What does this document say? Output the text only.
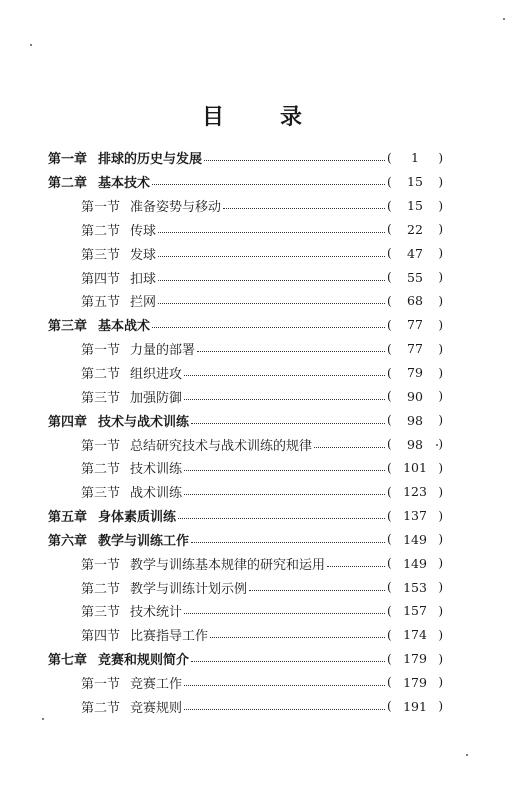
目 录
第一章 排球的历史与发展	(	1	)
第二章 基本技术	(	15	)
第一节 准备姿势与移动	(	15	)
第二节 传球	(	22	)
第三节 发球	(	47	)
第四节 扣球	(	55	)
第五节 拦网	(	68	)
第三章 基本战术	(	77	)
第一节 力量的部署	(	77	)
第二节 组织进攻	(	79	)
第三节 加强防御	(	90	)
第四章 技术与战术训练	(	98	)
第一节 总结研究技术与战术训练的规律	(	98	)
第二节 技术训练	( 101 )
第三节 战术训练	( 123 )
第五章 身体素质训练	( 137 )
第六章 教学与训练工作	( 149 )
第一节 教学与训练基本规律的研究和运用	( 149 )
第二节 教学与训练计划示例	( 153 )
第三节 技术统计	( 157 )
第四节 比赛指导工作	( 174 )
第七章 竞赛和规则简介	( 179 )
第一节 竞赛工作	( 179 )
第二节 竞赛规则	( 191 )
